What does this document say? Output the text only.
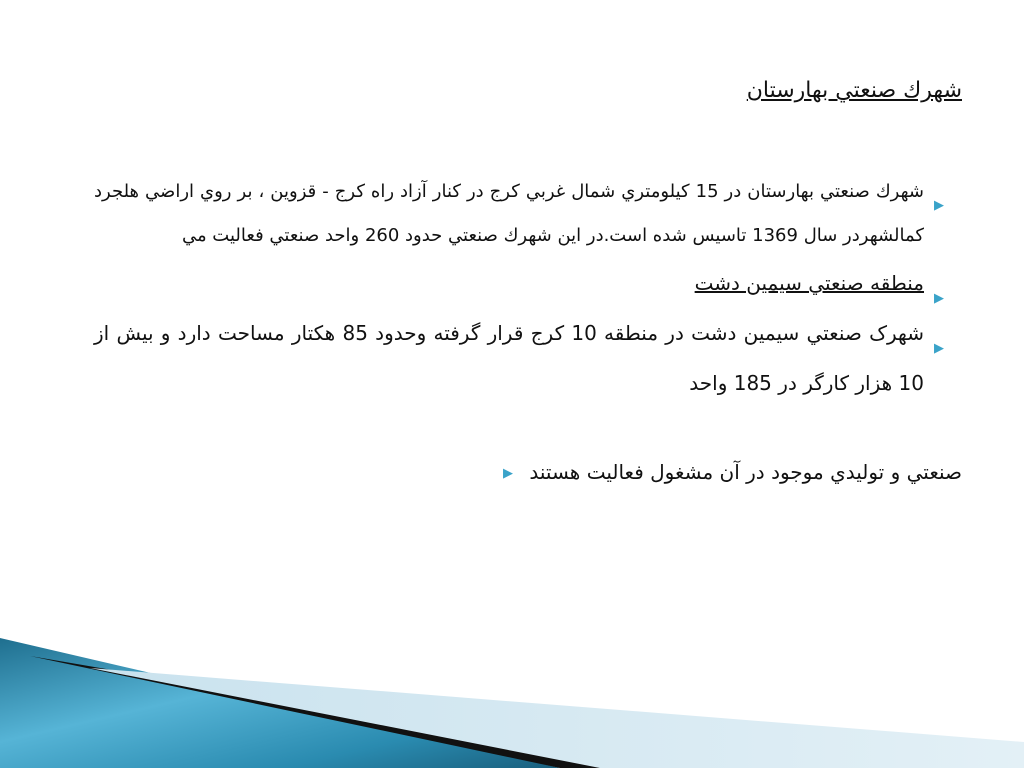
شهرك صنعتي بهارستان
▶
شهرك صنعتي بهارستان در 15 كيلومتري شمال غربي كرج در كنار آزاد راه كرج - قزوين ، بر روي اراضي هلجرد كمالشهردر سال 1369 تاسيس شده است.در اين شهرك صنعتي حدود 260 واحد صنعتي فعاليت مي
▶
منطقه صنعتي سيمين دشت
▶
شهرک صنعتي سيمين دشت در منطقه 10 كرج قرار گرفته وحدود 85 هكتار مساحت دارد و بيش از 10 هزار كارگر در 185 واحد
صنعتي و توليدي موجود در آن مشغول فعاليت هستند ▶
